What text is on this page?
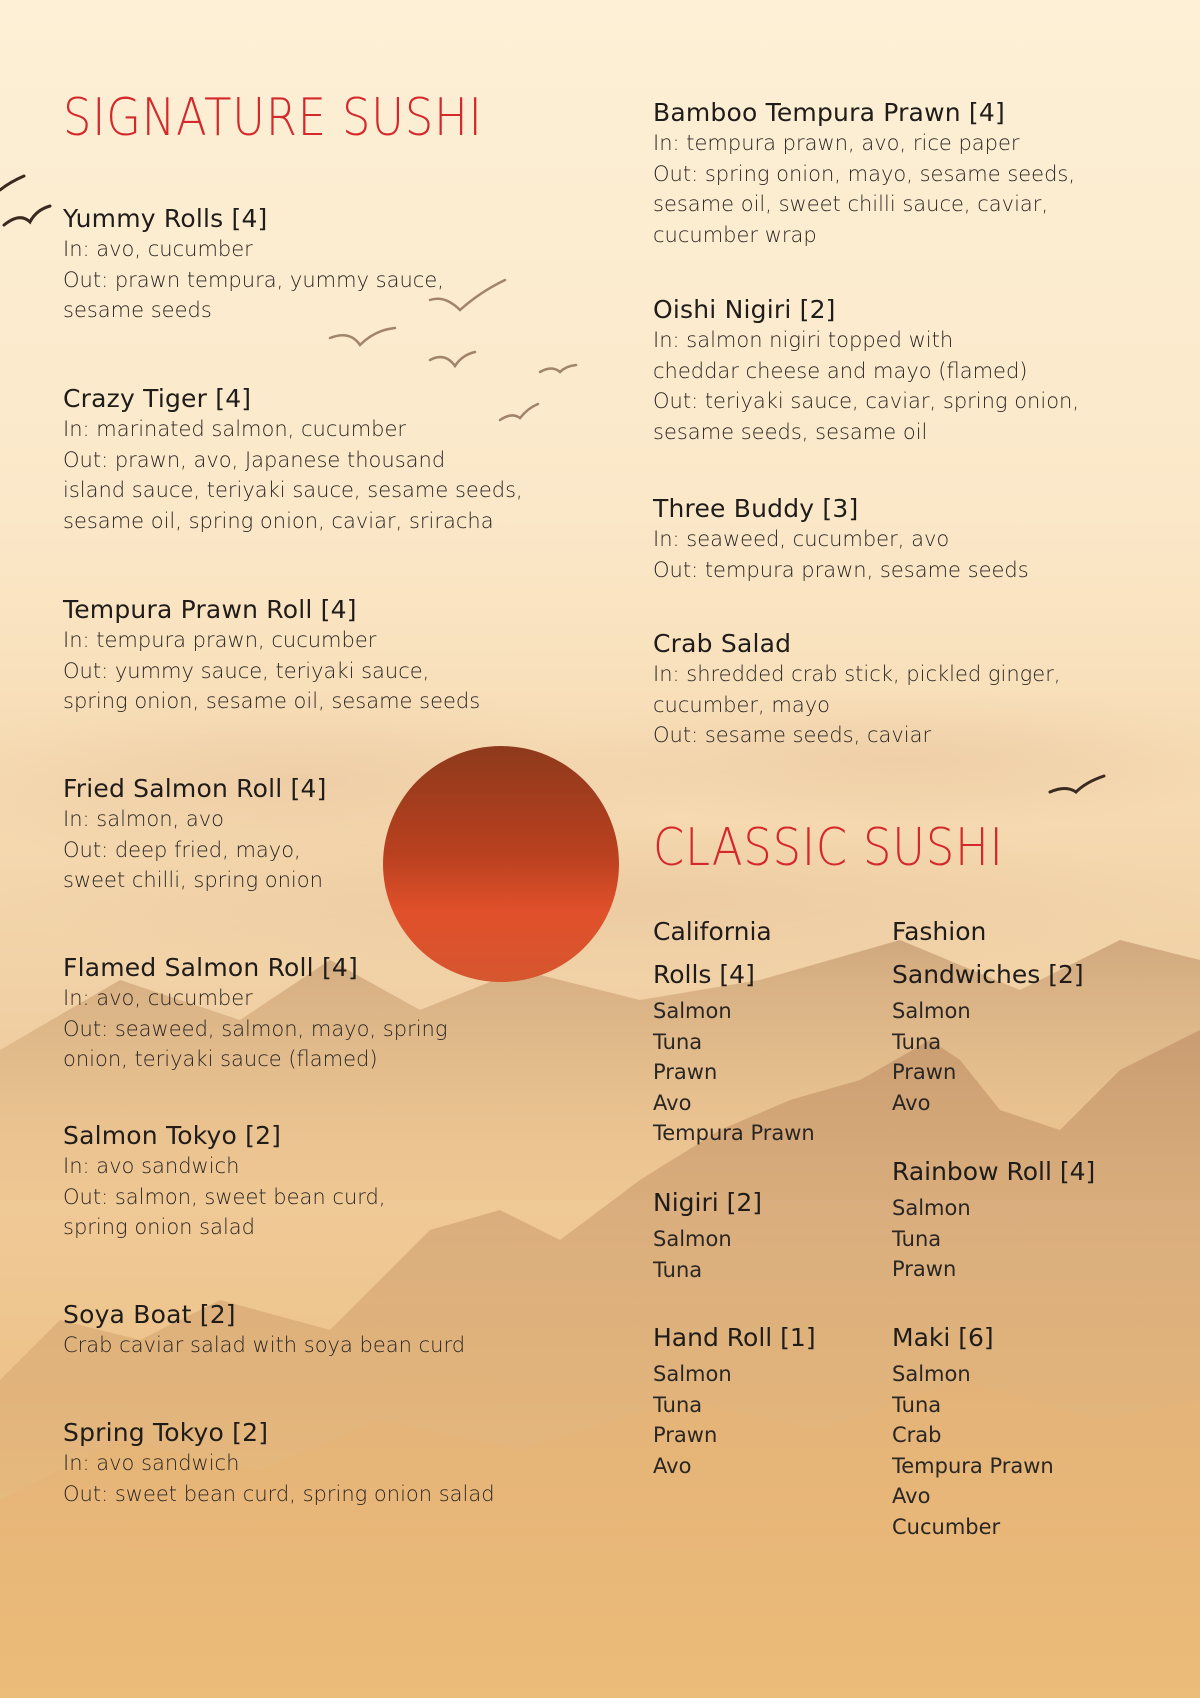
SIGNATURE SUSHI
Yummy Rolls [4]
In: avo, cucumber
Out: prawn tempura, yummy sauce,
sesame seeds
Crazy Tiger [4]
In: marinated salmon, cucumber
Out: prawn, avo, Japanese thousand
island sauce, teriyaki sauce, sesame seeds,
sesame oil, spring onion, caviar, sriracha
Tempura Prawn Roll [4]
In: tempura prawn, cucumber
Out: yummy sauce, teriyaki sauce,
spring onion, sesame oil, sesame seeds
Fried Salmon Roll [4]
In: salmon, avo
Out: deep fried, mayo,
sweet chilli, spring onion
Flamed Salmon Roll [4]
In: avo, cucumber
Out: seaweed, salmon, mayo, spring
onion, teriyaki sauce (flamed)
Salmon Tokyo [2]
In: avo sandwich
Out: salmon, sweet bean curd,
spring onion salad
Soya Boat [2]
Crab caviar salad with soya bean curd
Spring Tokyo [2]
In: avo sandwich
Out: sweet bean curd, spring onion salad
Bamboo Tempura Prawn [4]
In: tempura prawn, avo, rice paper
Out: spring onion, mayo, sesame seeds,
sesame oil, sweet chilli sauce, caviar,
cucumber wrap
Oishi Nigiri [2]
In: salmon nigiri topped with
cheddar cheese and mayo (flamed)
Out: teriyaki sauce, caviar, spring onion,
sesame seeds, sesame oil
Three Buddy [3]
In: seaweed, cucumber, avo
Out: tempura prawn, sesame seeds
Crab Salad
In: shredded crab stick, pickled ginger,
cucumber, mayo
Out: sesame seeds, caviar
CLASSIC SUSHI
California
Rolls [4]
Salmon
Tuna
Prawn
Avo
Tempura Prawn
Fashion
Sandwiches [2]
Salmon
Tuna
Prawn
Avo
Nigiri [2]
Salmon
Tuna
Rainbow Roll [4]
Salmon
Tuna
Prawn
Hand Roll [1]
Salmon
Tuna
Prawn
Avo
Maki [6]
Salmon
Tuna
Crab
Tempura Prawn
Avo
Cucumber
